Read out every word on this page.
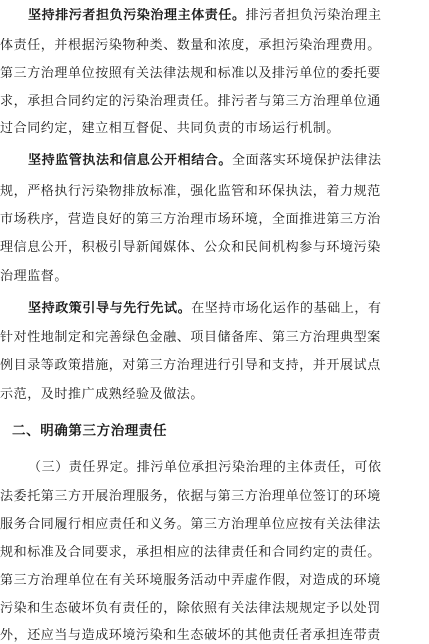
坚持排污者担负污染治理主体责任。排污者担负污染治理主
体责任，并根据污染物种类、数量和浓度，承担污染治理费用。
第三方治理单位按照有关法律法规和标准以及排污单位的委托要
求，承担合同约定的污染治理责任。排污者与第三方治理单位通
过合同约定，建立相互督促、共同负责的市场运行机制。
坚持监管执法和信息公开相结合。全面落实环境保护法律法
规，严格执行污染物排放标准，强化监管和环保执法，着力规范
市场秩序，营造良好的第三方治理市场环境，全面推进第三方治
理信息公开，积极引导新闻媒体、公众和民间机构参与环境污染
治理监督。
坚持政策引导与先行先试。在坚持市场化运作的基础上，有
针对性地制定和完善绿色金融、项目储备库、第三方治理典型案
例目录等政策措施，对第三方治理进行引导和支持，并开展试点
示范，及时推广成熟经验及做法。
二、明确第三方治理责任
（三）责任界定。排污单位承担污染治理的主体责任，可依
法委托第三方开展治理服务，依据与第三方治理单位签订的环境
服务合同履行相应责任和义务。第三方治理单位应按有关法律法
规和标准及合同要求，承担相应的法律责任和合同约定的责任。
第三方治理单位在有关环境服务活动中弄虚作假，对造成的环境
污染和生态破坏负有责任的，除依照有关法律法规规定予以处罚
外，还应当与造成环境污染和生态破坏的其他责任者承担连带责
